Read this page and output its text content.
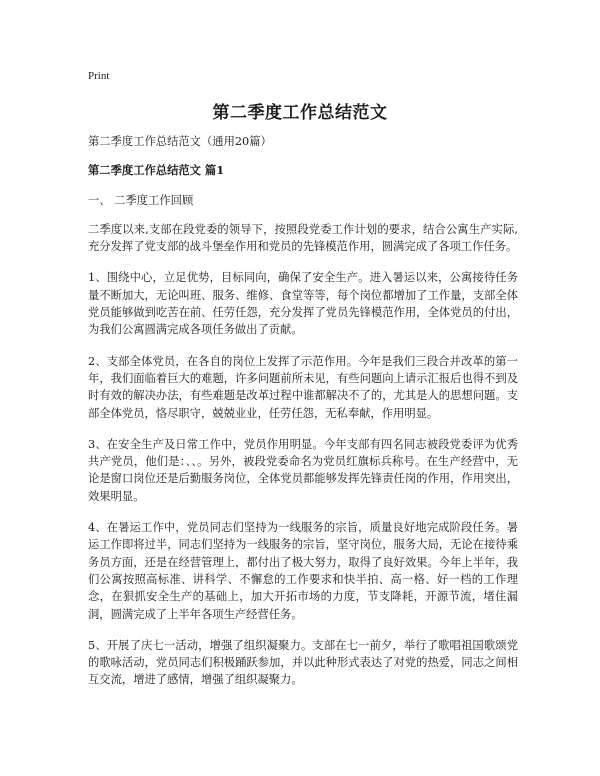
Print
第二季度工作总结范文

第二季度工作总结范文（通用20篇）

第二季度工作总结范文 篇1

一、 二季度工作回顾

二季度以来,支部在段党委的领导下，按照段党委工作计划的要求，结合公寓生产实际,充分发挥了党支部的战斗堡垒作用和党员的先锋模范作用，圆满完成了各项工作任务。

1、围绕中心，立足优势，目标同向，确保了安全生产。进入暑运以来，公寓接待任务量不断加大，无论叫班、服务、维修、食堂等等，每个岗位都增加了工作量，支部全体党员能够做到吃苦在前、任劳任怨，充分发挥了党员先锋模范作用，全体党员的付出，为我们公寓圆满完成各项任务做出了贡献。

2、支部全体党员，在各自的岗位上发挥了示范作用。今年是我们三段合并改革的第一年，我们面临着巨大的难题，许多问题前所未见，有些问题向上请示汇报后也得不到及时有效的解决办法，有些难题是改革过程中谁都解决不了的，尤其是人的思想问题。支部全体党员，恪尽职守，兢兢业业，任劳任怨，无私奉献，作用明显。

3、在安全生产及日常工作中，党员作用明显。今年支部有四名同志被段党委评为优秀共产党员，他们是：、、。另外，被段党委命名为党员红旗标兵称号。在生产经营中，无论是窗口岗位还是后勤服务岗位，全体党员都能够发挥先锋责任岗的作用，作用突出，效果明显。

4、在暑运工作中，党员同志们坚持为一线服务的宗旨，质量良好地完成阶段任务。暑运工作即将过半，同志们坚持为一线服务的宗旨，坚守岗位，服务大局，无论在接待乘务员方面，还是在经营管理上，都付出了极大努力，取得了良好效果。今年上半年，我们公寓按照高标准、讲科学、不懈怠的工作要求和快半拍、高一格、好一档的工作理念，在狠抓安全生产的基础上，加大开拓市场的力度，节支降耗，开源节流，堵住漏洞，圆满完成了上半年各项生产经营任务。

5、开展了庆七一活动，增强了组织凝聚力。支部在七一前夕，举行了歌唱祖国歌颂党的歌咏活动，党员同志们积极踊跃参加，并以此种形式表达了对党的热爱，同志之间相互交流，增进了感情，增强了组织凝聚力。
